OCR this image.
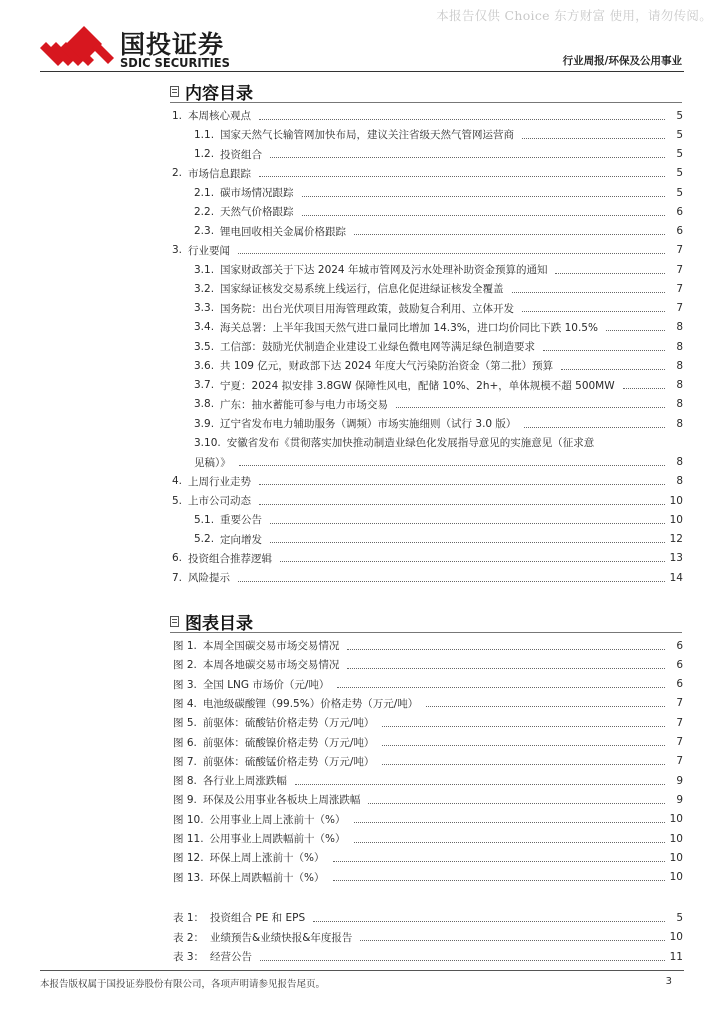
本报告仅供 Choice 东方财富 使用，请勿传阅。
国投证券
SDIC SECURITIES	行业周报/环保及公用事业
内容目录
1. 本周核心观点	5
1.1. 国家天然气长输管网加快布局，建议关注省级天然气管网运营商	5
1.2. 投资组合	5
2. 市场信息跟踪	5
2.1. 碳市场情况跟踪	5
2.2. 天然气价格跟踪	6
2.3. 锂电回收相关金属价格跟踪	6
3. 行业要闻	7
3.1. 国家财政部关于下达 2024 年城市管网及污水处理补助资金预算的通知	7
3.2. 国家绿证核发交易系统上线运行，信息化促进绿证核发全覆盖	7
3.3. 国务院：出台光伏项目用海管理政策，鼓励复合利用、立体开发	7
3.4. 海关总署：上半年我国天然气进口量同比增加 14.3%，进口均价同比下跌 10.5%	8
3.5. 工信部：鼓励光伏制造企业建设工业绿色微电网等满足绿色制造要求	8
3.6. 共 109 亿元，财政部下达 2024 年度大气污染防治资金（第二批）预算	8
3.7. 宁夏：2024 拟安排 3.8GW 保障性风电，配储 10%、2h+，单体规模不超 500MW	8
3.8. 广东：抽水蓄能可参与电力市场交易	8
3.9. 辽宁省发布电力辅助服务（调频）市场实施细则（试行 3.0 版）	8
3.10. 安徽省发布《贯彻落实加快推动制造业绿色化发展指导意见的实施意见（征求意
见稿）》	8
4. 上周行业走势	8
5. 上市公司动态	10
5.1. 重要公告	10
5.2. 定向增发	12
6. 投资组合推荐逻辑	13
7. 风险提示	14
图表目录
图 1. 本周全国碳交易市场交易情况	6
图 2. 本周各地碳交易市场交易情况	6
图 3. 全国 LNG 市场价（元/吨）	6
图 4. 电池级碳酸锂（99.5%）价格走势（万元/吨）	7
图 5. 前驱体：硫酸钴价格走势（万元/吨）	7
图 6. 前驱体：硫酸镍价格走势（万元/吨）	7
图 7. 前驱体：硫酸锰价格走势（万元/吨）	7
图 8. 各行业上周涨跌幅	9
图 9. 环保及公用事业各板块上周涨跌幅	9
图 10. 公用事业上周上涨前十（%）	10
图 11. 公用事业上周跌幅前十（%）	10
图 12. 环保上周上涨前十（%）	10
图 13. 环保上周跌幅前十（%）	10
表 1： 投资组合 PE 和 EPS	5
表 2： 业绩预告&业绩快报&年度报告	10
表 3： 经营公告	11
本报告版权属于国投证券股份有限公司，各项声明请参见报告尾页。	3
